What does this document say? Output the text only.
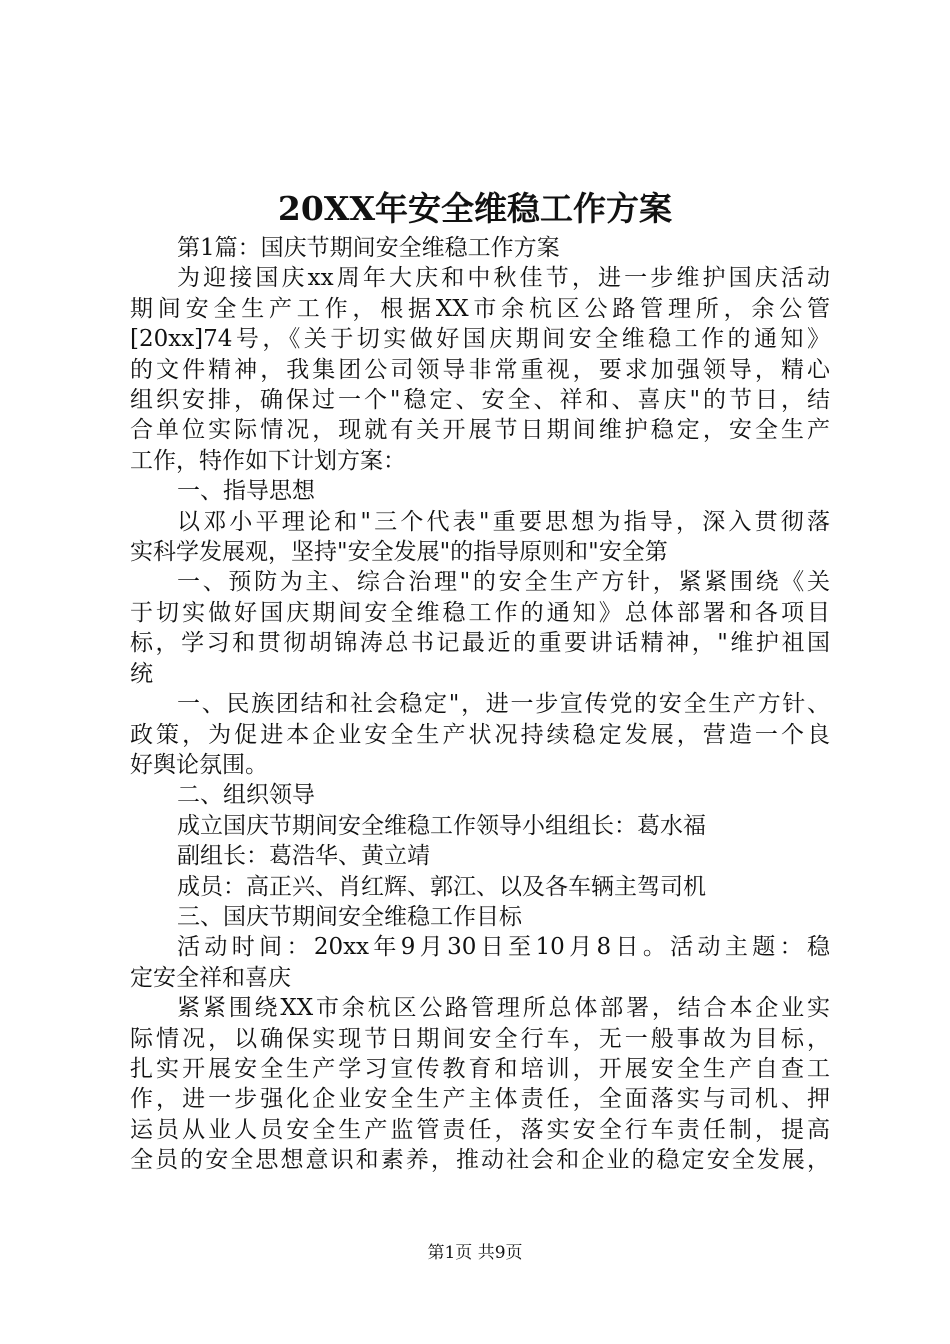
20XX年安全维稳工作方案

第1篇：国庆节期间安全维稳工作方案

为迎接国庆xx周年大庆和中秋佳节，进一步维护国庆活动

期间安全生产工作，根据XX市余杭区公路管理所，余公管

[20xx]74号，《关于切实做好国庆期间安全维稳工作的通知》

的文件精神，我集团公司领导非常重视，要求加强领导，精心

组织安排，确保过一个"稳定、安全、祥和、喜庆"的节日，结

合单位实际情况，现就有关开展节日期间维护稳定，安全生产

工作，特作如下计划方案：

一、指导思想

以邓小平理论和"三个代表"重要思想为指导，深入贯彻落

实科学发展观，坚持"安全发展"的指导原则和"安全第

一、预防为主、综合治理"的安全生产方针，紧紧围绕《关

于切实做好国庆期间安全维稳工作的通知》总体部署和各项目

标，学习和贯彻胡锦涛总书记最近的重要讲话精神，"维护祖国

统

一、民族团结和社会稳定"，进一步宣传党的安全生产方针、

政策，为促进本企业安全生产状况持续稳定发展，营造一个良

好舆论氛围。

二、组织领导

成立国庆节期间安全维稳工作领导小组组长：葛水福

副组长：葛浩华、黄立靖

成员：高正兴、肖红辉、郭江、以及各车辆主驾司机

三、国庆节期间安全维稳工作目标

活动时间：20xx年9月30日至10月8日。活动主题：稳

定安全祥和喜庆

紧紧围绕XX市余杭区公路管理所总体部署，结合本企业实

际情况，以确保实现节日期间安全行车，无一般事故为目标，

扎实开展安全生产学习宣传教育和培训，开展安全生产自查工

作，进一步强化企业安全生产主体责任，全面落实与司机、押

运员从业人员安全生产监管责任，落实安全行车责任制，提高

全员的安全思想意识和素养，推动社会和企业的稳定安全发展，

第1页 共9页
